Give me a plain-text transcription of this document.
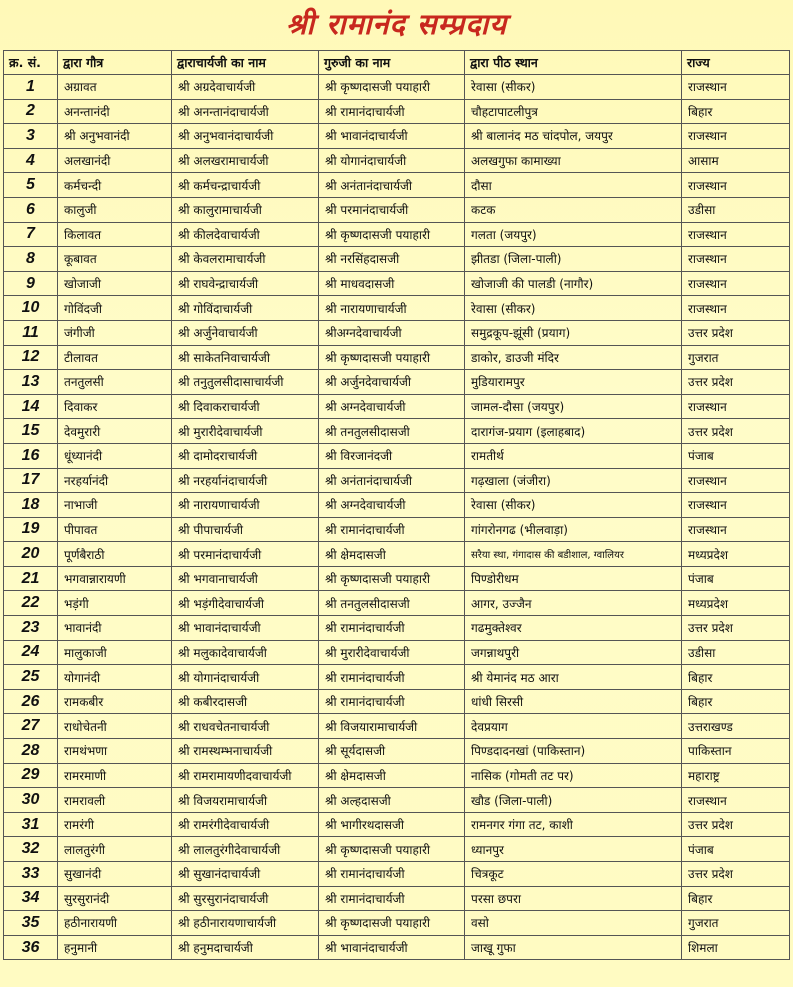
श्री रामानंद सम्प्रदाय
क्र. सं.	द्वारा गौत्र	द्वाराचार्यजी का नाम	गुरुजी का नाम	द्वारा पीठ स्थान	राज्य
1	अग्रावत	श्री अग्रदेवाचार्यजी	श्री कृष्णदासजी पयाहारी	रेवासा (सीकर)	राजस्थान
2	अनन्तानंदी	श्री अनन्तानंदाचार्यजी	श्री रामानंदाचार्यजी	चौहटापाटलीपुत्र	बिहार
3	श्री अनुभवानंदी	श्री अनुभवानंदाचार्यजी	श्री भावानंदाचार्यजी	श्री बालानंद मठ चांदपोल, जयपुर	राजस्थान
4	अलखानंदी	श्री अलखरामाचार्यजी	श्री योगानंदाचार्यजी	अलखगुफा कामाख्या	आसाम
5	कर्मचन्दी	श्री कर्मचन्द्राचार्यजी	श्री अनंतानंदाचार्यजी	दौसा	राजस्थान
6	कालुजी	श्री कालुरामाचार्यजी	श्री परमानंदाचार्यजी	कटक	उडीसा
7	किलावत	श्री कीलदेवाचार्यजी	श्री कृष्णदासजी पयाहारी	गलता (जयपुर)	राजस्थान
8	कूबावत	श्री केवलरामाचार्यजी	श्री नरसिंहदासजी	झीतडा (जिला-पाली)	राजस्थान
9	खोजाजी	श्री राघवेन्द्राचार्यजी	श्री माधवदासजी	खोजाजी की पालडी (नागौर)	राजस्थान
10	गोविंदजी	श्री गोविंदाचार्यजी	श्री नारायणाचार्यजी	रेवासा (सीकर)	राजस्थान
11	जंगीजी	श्री अर्जुनेवाचार्यजी	श्रीअग्नदेवाचार्यजी	समुद्रकूप-झूंसी (प्रयाग)	उत्तर प्रदेश
12	टीलावत	श्री साकेतनिवाचार्यजी	श्री कृष्णदासजी पयाहारी	डाकोर, डाउजी मंदिर	गुजरात
13	तनतुलसी	श्री तनुतुलसीदासाचार्यजी	श्री अर्जुनदेवाचार्यजी	मुडियारामपुर	उत्तर प्रदेश
14	दिवाकर	श्री दिवाकराचार्यजी	श्री अग्नदेवाचार्यजी	जामल-दौसा (जयपुर)	राजस्थान
15	देवमुरारी	श्री मुरारीदेवाचार्यजी	श्री तनतुलसीदासजी	दारागंज-प्रयाग (इलाहबाद)	उत्तर प्रदेश
16	धूंध्यानंदी	श्री दामोदराचार्यजी	श्री विरजानंदजी	रामतीर्थ	पंजाब
17	नरहर्यानंदी	श्री नरहर्यानंदाचार्यजी	श्री अनंतानंदाचार्यजी	गढ़खाला (जंजीरा)	राजस्थान
18	नाभाजी	श्री नारायणाचार्यजी	श्री अग्नदेवाचार्यजी	रेवासा (सीकर)	राजस्थान
19	पीपावत	श्री पीपाचार्यजी	श्री रामानंदाचार्यजी	गांगरोनगढ (भीलवाड़ा)	राजस्थान
20	पूर्णबैराठी	श्री परमानंदाचार्यजी	श्री क्षेमदासजी	सरैया स्था, गंगादास की बडीशाल, ग्वालियर	मध्यप्रदेश
21	भगवान्नारायणी	श्री भगवानाचार्यजी	श्री कृष्णदासजी पयाहारी	पिण्डोरीधम	पंजाब
22	भड़ंगी	श्री भड़ंगीदेवाचार्यजी	श्री तनतुलसीदासजी	आगर, उज्जैन	मध्यप्रदेश
23	भावानंदी	श्री भावानंदाचार्यजी	श्री रामानंदाचार्यजी	गढमुक्तेश्वर	उत्तर प्रदेश
24	मालुकाजी	श्री मलुकादेवाचार्यजी	श्री मुरारीदेवाचार्यजी	जगन्नाथपुरी	उडीसा
25	योगानंदी	श्री योगानंदाचार्यजी	श्री रामानंदाचार्यजी	श्री येमानंद मठ आरा	बिहार
26	रामकबीर	श्री कबीरदासजी	श्री रामानंदाचार्यजी	धांधी सिरसी	बिहार
27	राधोचेतनी	श्री राधवचेतनाचार्यजी	श्री विजयारामाचार्यजी	देवप्रयाग	उत्तराखण्ड
28	रामथंभणा	श्री रामस्थम्भनाचार्यजी	श्री सूर्यदासजी	पिण्डदादनखां (पाकिस्तान)	पाकिस्तान
29	रामरमाणी	श्री रामरामायणीदवाचार्यजी	श्री क्षेमदासजी	नासिक (गोमती तट पर)	महाराष्ट्र
30	रामरावली	श्री विजयरामाचार्यजी	श्री अल्हदासजी	खौड (जिला-पाली)	राजस्थान
31	रामरंगी	श्री रामरंगीदेवाचार्यजी	श्री भागीरथदासजी	रामनगर गंगा तट, काशी	उत्तर प्रदेश
32	लालतुरंगी	श्री लालतुरंगीदेवाचार्यजी	श्री कृष्णदासजी पयाहारी	ध्यानपुर	पंजाब
33	सुखानंदी	श्री सुखानंदाचार्यजी	श्री रामानंदाचार्यजी	चित्रकूट	उत्तर प्रदेश
34	सुरसुरानंदी	श्री सुरसुरानंदाचार्यजी	श्री रामानंदाचार्यजी	परसा छपरा	बिहार
35	हठीनारायणी	श्री हठीनारायणाचार्यजी	श्री कृष्णदासजी पयाहारी	वसो	गुजरात
36	हनुमानी	श्री हनुमदाचार्यजी	श्री भावानंदाचार्यजी	जाखू गुफा	शिमला
